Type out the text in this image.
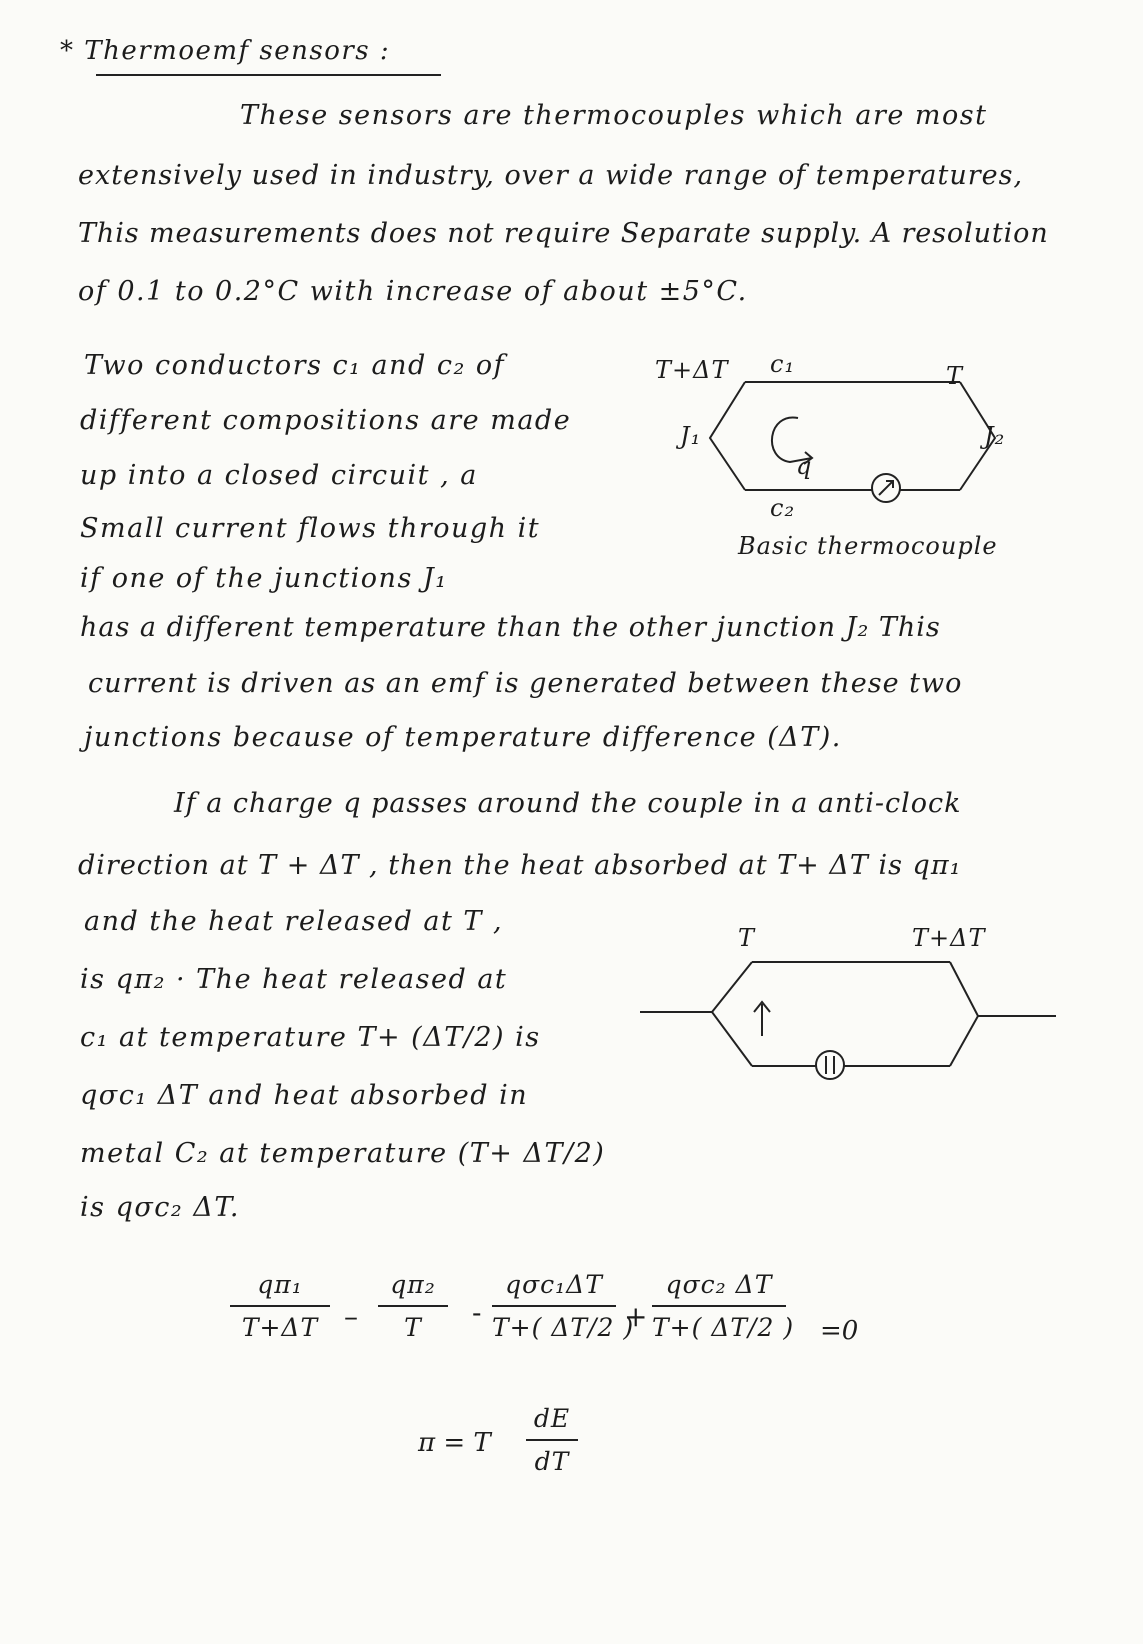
* Thermoemf sensors :
These sensors are thermocouples which are most
extensively used in industry, over a wide range of temperatures,
This measurements does not require Separate supply. A resolution
of 0.1 to 0.2°C with increase of about ±5°C.
Two conductors c₁ and c₂ of
different compositions are made
up into a closed circuit , a
Small current flows through it
if one of the junctions J₁
T+ΔT c₁	T
J₁	J₂
q
c₂
Basic thermocouple
has a different temperature than the other junction J₂ This
current is driven as an emf is generated between these two
junctions because of temperature difference (ΔT).
If a charge q passes around the couple in a anti-clock
direction at T + ΔT , then the heat absorbed at T+ ΔT is qπ₁
and the heat released at T ,
is qπ₂ · The heat released at
c₁ at temperature T+ (ΔT/2) is
qσc₁ ΔT and heat absorbed in
metal C₂ at temperature (T+ ΔT/2)
is qσc₂ ΔT.
T	T+ΔT
qπ₁
T+ΔT –
qπ₂
T	-
qσc₁ΔT
T+( ΔT/2 )
+
qσc₂ ΔT
T+( ΔT/2 ) =0
π = T
dE
dT
